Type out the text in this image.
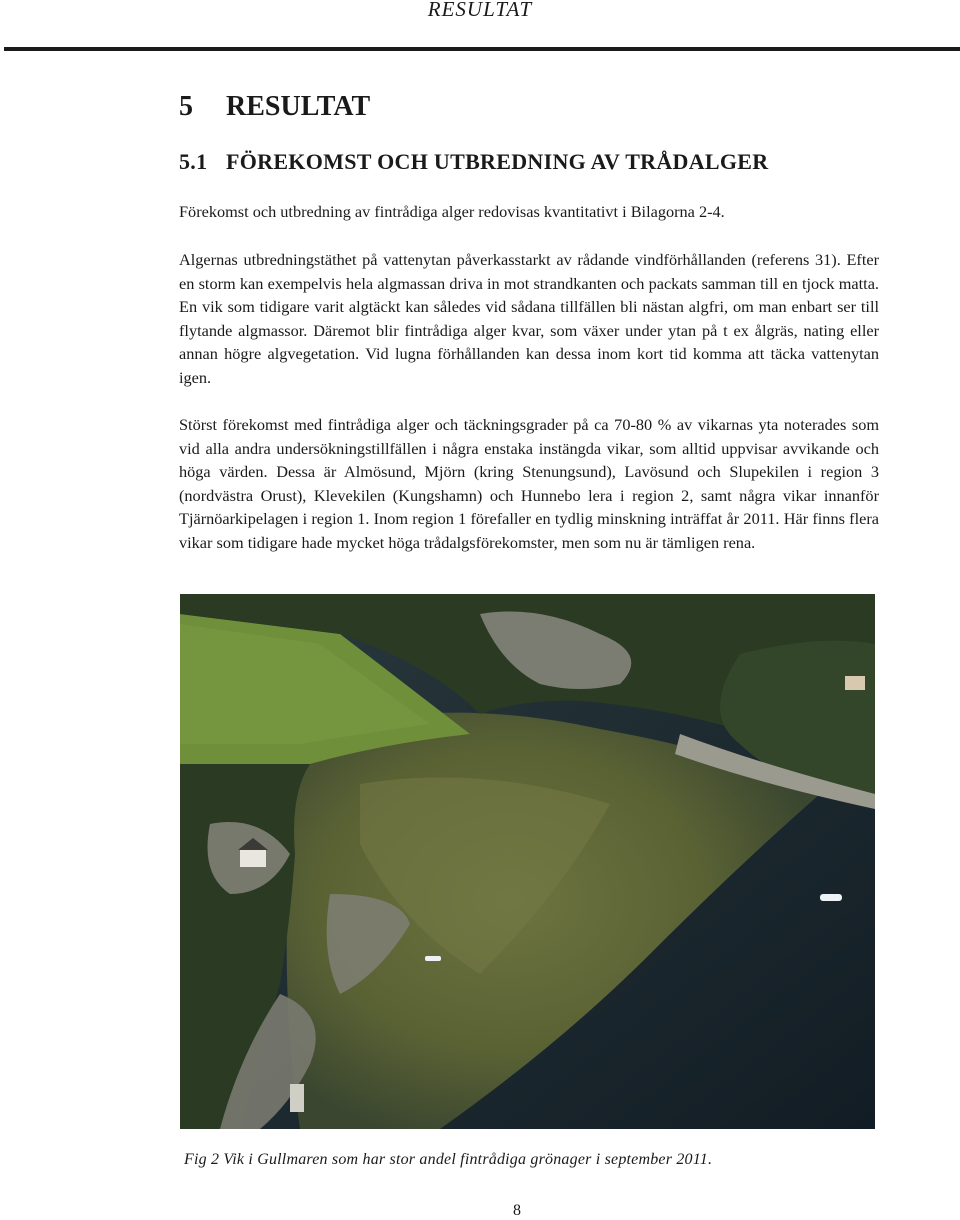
RESULTAT
5 RESULTAT
5.1 FÖREKOMST OCH UTBREDNING AV TRÅDALGER

Förekomst och utbredning av fintrådiga alger redovisas kvantitativt i Bilagorna 2-4.

Algernas utbredningstäthet på vattenytan påverkasstarkt av rådande vindförhållanden (referens 31). Efter en storm kan exempelvis hela algmassan driva in mot strandkanten och packats samman till en tjock matta. En vik som tidigare varit algtäckt kan således vid sådana tillfällen bli nästan algfri, om man enbart ser till flytande algmassor. Däremot blir fintrådiga alger kvar, som växer under ytan på t ex ålgräs, nating eller annan högre algvegetation. Vid lugna förhållanden kan dessa inom kort tid komma att täcka vattenytan igen.

Störst förekomst med fintrådiga alger och täckningsgrader på ca 70-80 % av vikarnas yta noterades som vid alla andra undersökningstillfällen i några enstaka instängda vikar, som alltid uppvisar avvikande och höga värden. Dessa är Almösund, Mjörn (kring Stenungsund), Lavösund och Slupekilen i region 3 (nordvästra Orust), Klevekilen (Kungshamn) och Hunnebo lera i region 2, samt några vikar innanför Tjärnöarkipelagen i region 1. Inom region 1 förefaller en tydlig minskning inträffat år 2011. Här finns flera vikar som tidigare hade mycket höga trådalgsförekomster, men som nu är tämligen rena.

Fig 2 Vik i Gullmaren som har stor andel fintrådiga grönager i september 2011.

8
